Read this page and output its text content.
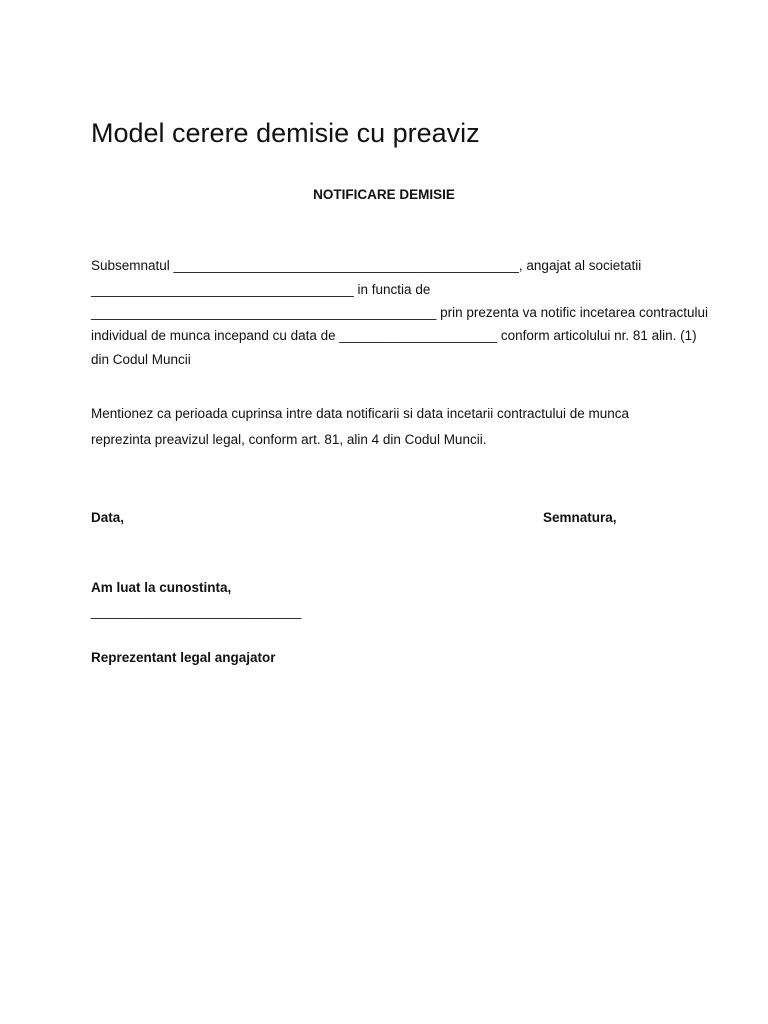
Model cerere demisie cu preaviz
NOTIFICARE DEMISIE

Subsemnatul ______________________________________________, angajat al societatii

___________________________________ in functia de

______________________________________________ prin prezenta va notific incetarea contractului

individual de munca incepand cu data de _____________________ conform articolului nr. 81 alin. (1)

din Codul Muncii

Mentionez ca perioada cuprinsa intre data notificarii si data incetarii contractului de munca

reprezinta preavizul legal, conform art. 81, alin 4 din Codul Muncii.

Data,	Semnatura,

Am luat la cunostinta,

____________________________

Reprezentant legal angajator
